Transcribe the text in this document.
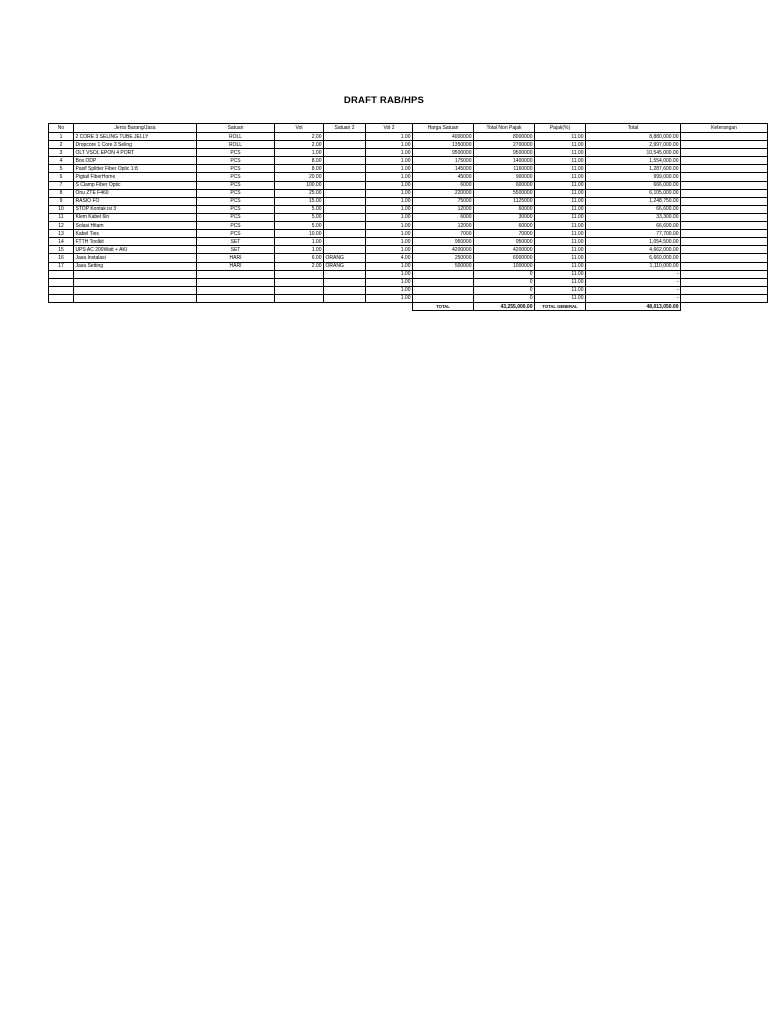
DRAFT RAB/HPS
No	Jenis Barang/Jasa	Satuan	Vol	Satuan 2	Vol 2	Harga Satuan	Total Non Pajak	Pajak(%)	Total	Keterangan
1	2 CORE 3 SELING TUBE JELLY	ROLL	2.00		1.00	4000000	8000000	11.00	8,880,000.00	
2	Dropcore 1 Core 3 Seling	ROLL	2.00		1.00	1350000	2700000	11.00	2,997,000.00	
3	OLT VSOL EPON 4 PORT	PCS	1.00		1.00	9500000	9500000	11.00	10,545,000.00	
4	Box ODP	PCS	8.00		1.00	175000	1400000	11.00	1,554,000.00	
5	Pasif Splitter Fiber Optic 1:8	PCS	8.00		1.00	145000	1160000	11.00	1,287,600.00	
6	Pigtail FiberHome	PCS	20.00		1.00	45000	900000	11.00	999,000.00	
7	S Clamp Fiber Optic	PCS	100.00		1.00	6000	600000	11.00	666,000.00	
8	Onu ZTE F460	PCS	25.00		1.00	220000	5500000	11.00	6,105,000.00	
9	RASIO FO	PCS	15.00		1.00	75000	1125000	11.00	1,248,750.00	
10	STOP Kontak isi 3	PCS	5.00		1.00	12000	60000	11.00	66,600.00	
11	Klem Kabel 6in	PCS	5.00		1.00	6000	30000	11.00	33,300.00	
12	Solasi Hitam	PCS	5.00		1.00	12000	60000	11.00	66,600.00	
13	Kabel Ties	PCS	10.00		1.00	7000	70000	11.00	77,700.00	
14	FTTH Toolkit	SET	1.00		1.00	950000	950000	11.00	1,054,500.00	
15	UPS AC 200Watt + AKI	SET	1.00		1.00	4200000	4200000	11.00	4,662,000.00	
16	Jasa Instalasi	HARI	6.00	ORANG	4.00	250000	6000000	11.00	6,660,000.00	
17	Jasa Setting	HARI	2.00	ORANG	1.00	500000	1000000	11.00	1,110,000.00	
					1.00		0	11.00	-	
					1.00		0	11.00	-	
					1.00		0	11.00	-	
					1.00		0	11.00	-	
						TOTAL	43,255,000.00	TOTAL GENERAL	48,013,050.00	
